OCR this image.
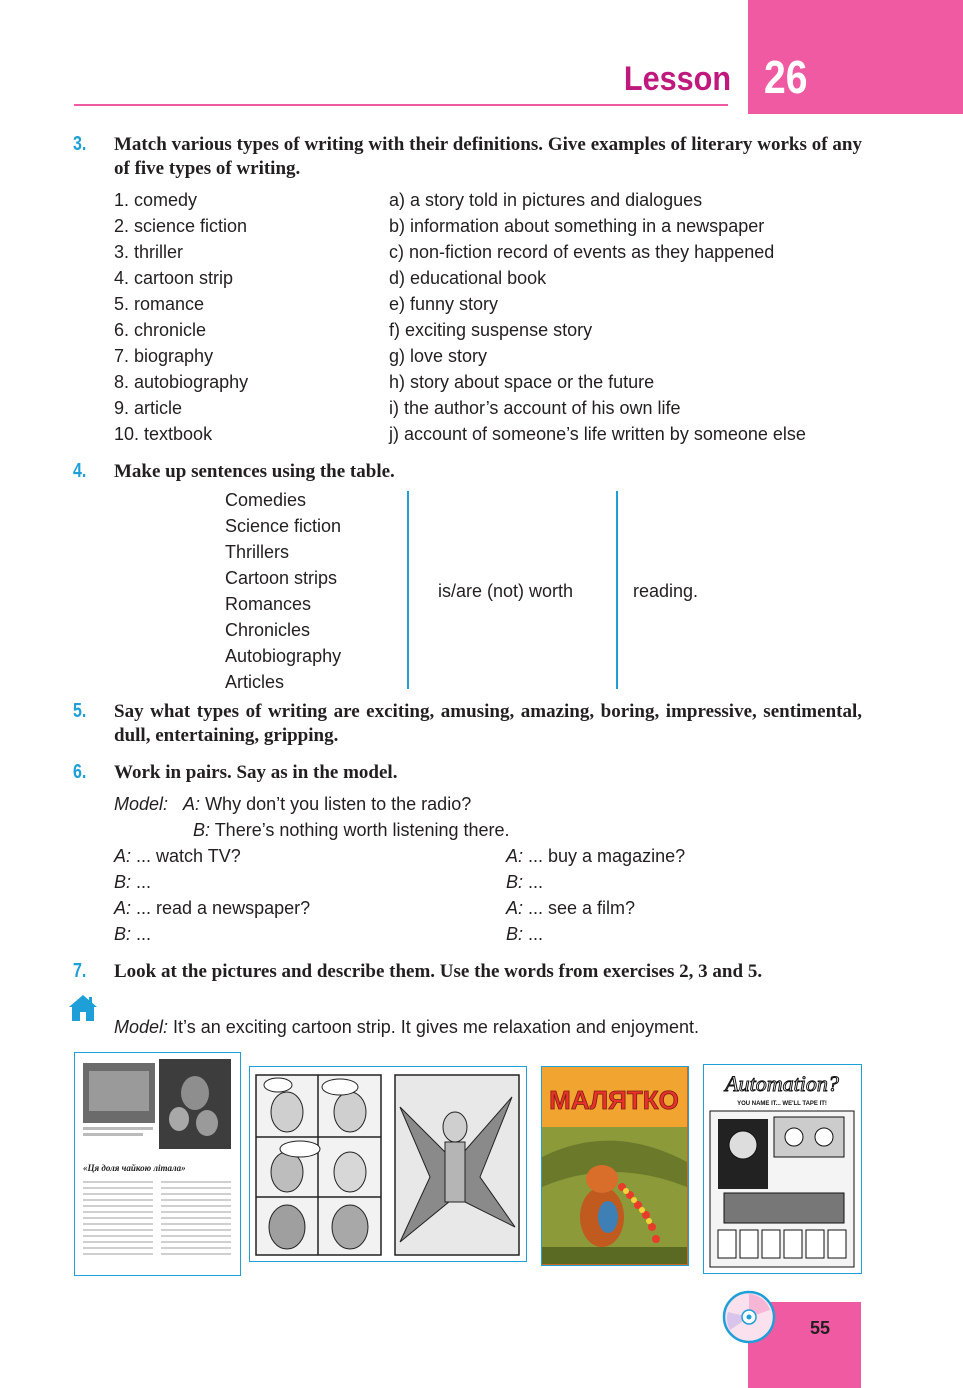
26
Lesson
3. Match various types of writing with their definitions. Give examples of literary works of any of five types of writing.
1. comedy
2. science fiction
3. thriller
4. cartoon strip
5. romance
6. chronicle
7. biography
8. autobiography
9. article
10. textbook
a) a story told in pictures and dialogues
b) information about something in a newspaper
c) non-fiction record of events as they happened
d) educational book
e) funny story
f) exciting suspense story
g) love story
h) story about space or the future
i) the author’s account of his own life
j) account of someone’s life written by someone else
4. Make up sentences using the table.
Comedies
Science fiction
Thrillers
Cartoon strips
Romances
Chronicles
Autobiography
Articles
is/are (not) worth	reading.
5. Say what types of writing are exciting, amusing, amazing, boring, impressive, sentimental, dull, entertaining, gripping.
6. Work in pairs. Say as in the model.
Model: A: Why don’t you listen to the radio?
B: There’s nothing worth listening there.
A: ... watch TV?
B: ...
A: ... read a newspaper?
B: ...
A: ... buy a magazine?
B: ...
A: ... see a film?
B: ...
7. Look at the pictures and describe them. Use the words from exercises 2, 3 and 5.
Model: It’s an exciting cartoon strip. It gives me relaxation and enjoyment.
«Ця доля чайкою літала»
МАЛЯТКО
Automation?
YOU NAME IT... WE'LL TAPE IT!
55
